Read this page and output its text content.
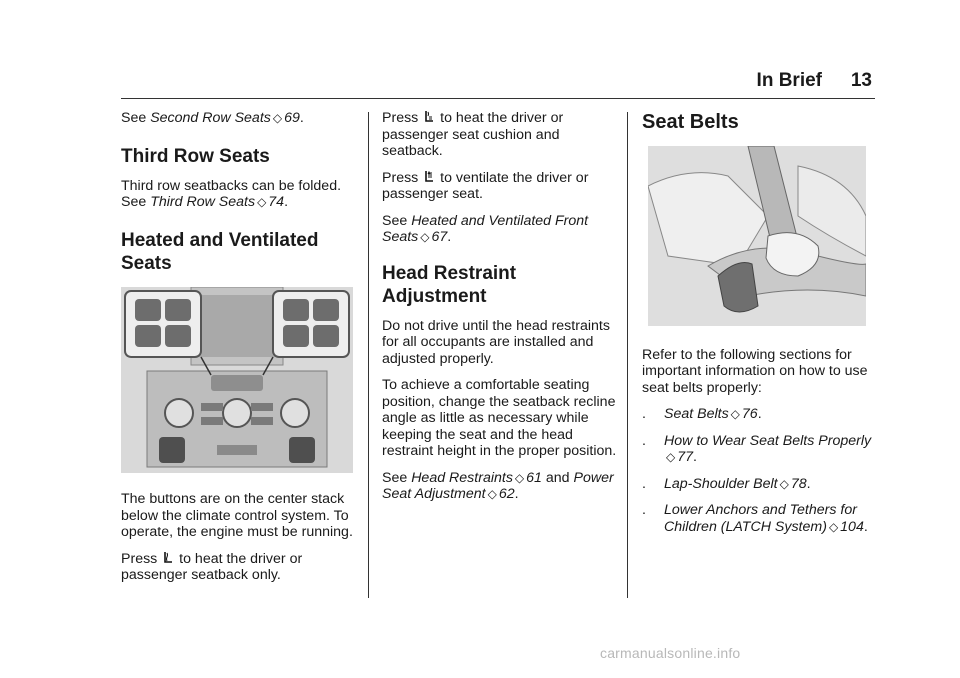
In Brief 13

See Second Row Seats ◇ 69.

Third Row Seats

Third row seatbacks can be folded. See Third Row Seats ◇ 74.

Heated and Ventilated Seats

The buttons are on the center stack below the climate control system. To operate, the engine must be running.

Press  to heat the driver or passenger seatback only.

Press  to heat the driver or passenger seat cushion and seatback.

Press  to ventilate the driver or passenger seat.

See Heated and Ventilated Front Seats ◇ 67.

Head Restraint Adjustment

Do not drive until the head restraints for all occupants are installed and adjusted properly.

To achieve a comfortable seating position, change the seatback recline angle as little as necessary while keeping the seat and the head restraint height in the proper position.

See Head Restraints ◇ 61 and Power Seat Adjustment ◇ 62.

Seat Belts

Refer to the following sections for important information on how to use seat belts properly:

. Seat Belts ◇ 76.
. How to Wear Seat Belts Properly ◇ 77.
. Lap-Shoulder Belt ◇ 78.
. Lower Anchors and Tethers for Children (LATCH System) ◇ 104.
carmanualsonline.info
